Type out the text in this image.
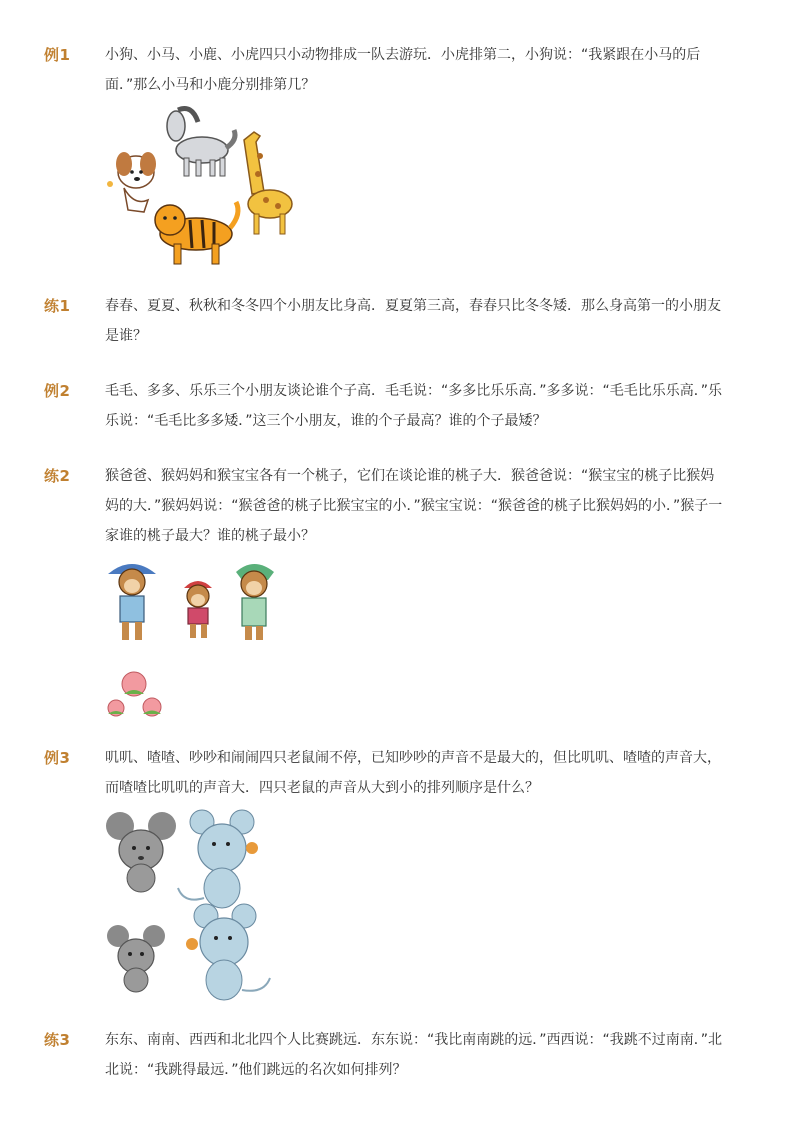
例1 小狗、小马、小鹿、小虎四只小动物排成一队去游玩．小虎排第二，小狗说：“我紧跟在小马的后面．”那么小马和小鹿分别排第几？

练1 春春、夏夏、秋秋和冬冬四个小朋友比身高．夏夏第三高，春春只比冬冬矮．那么身高第一的小朋友是谁？

例2 毛毛、多多、乐乐三个小朋友谈论谁个子高．毛毛说：“多多比乐乐高．”多多说：“毛毛比乐乐高．”乐乐说：“毛毛比多多矮．”这三个小朋友，谁的个子最高？谁的个子最矮？

练2 猴爸爸、猴妈妈和猴宝宝各有一个桃子，它们在谈论谁的桃子大．猴爸爸说：“猴宝宝的桃子比猴妈妈的大．”猴妈妈说：“猴爸爸的桃子比猴宝宝的小．”猴宝宝说：“猴爸爸的桃子比猴妈妈的小．”猴子一家谁的桃子最大？谁的桃子最小？

例3 叽叽、喳喳、吵吵和闹闹四只老鼠闹不停，已知吵吵的声音不是最大的，但比叽叽、喳喳的声音大，而喳喳比叽叽的声音大．四只老鼠的声音从大到小的排列顺序是什么？

练3 东东、南南、西西和北北四个人比赛跳远．东东说：“我比南南跳的远．”西西说：“我跳不过南南．”北北说：“我跳得最远．”他们跳远的名次如何排列？
